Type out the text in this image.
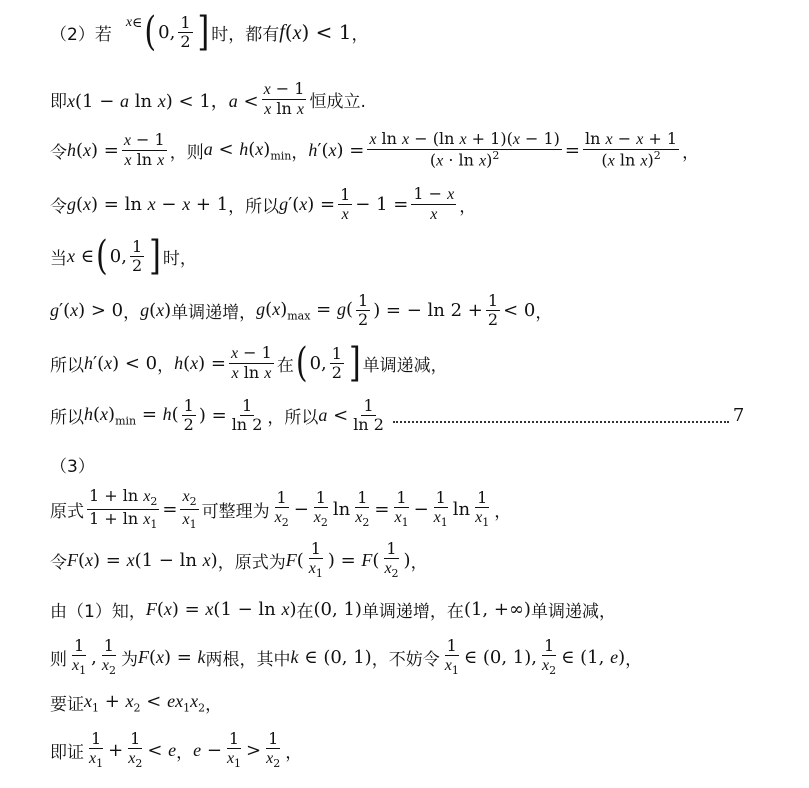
（2）若
x ∈ ( 0, $\frac{1}{2}$ ] 时，都有 f (x) < 1 ，
即 x(1 − a ln x) < 1，$a < \frac{x - 1}{\text{x ln x}}$ 恒成立.
令 $h(x) = \frac{x - 1}{\text{x ln x}}$ ，则 $a < h(x)_{min}$ ， $h'(x) = \frac{\text{x ln x − (ln x + 1)(x − 1)}}{(x \cdot \ln x)^2} = \frac{\text{ln x − x + 1}}{(x \ln x)^2}$ ，
令 g(x) = ln x − x + 1 ，所以 $g'(x) = \frac{1}{x} - 1 = \frac{1 - x}{x}$ ，
当 x ∈ ( 0, $\frac{1}{2}$ ] 时，
g′(x) > 0 ， g(x) 单调递增， $g(x)_{max} = g( \frac{1}{2}$ ) = − $\ln 2 + \frac{1}{2} < 0$ ，
所以 h′(x) < 0 ， $h(x) = \frac{x - 1}{\text{x ln x}}$ 在 ( 0, $\frac{1}{2}$ ] 单调递减，
所以 $h(x)_{min} = h( \frac{1}{2}$ ) = $\frac{1}{\ln 2}$ ，所以 $a < \frac{1}{\ln 2}$	7
（3）
原式 $\frac{1 + \ln x_2}{1 + \ln x_1} = \frac{x_2}{x_1}$ 可整理为 $\frac{1}{x_2} - \frac{1}{x_2}$ $\ln \frac{1}{x_2} = \frac{1}{x_1} - \frac{1}{x_1}$ $\ln \frac{1}{x_1}$ ，
令 F(x) = x(1 − ln x) ，原式为 $F( \frac{1}{x_1}$ ) = $F( \frac{1}{x_2}$ ) ，
由（1）知， F(x) = x(1 − ln x) 在 (0, 1) 单调递增，在 (1, +∞) 单调递减，
则 $\frac{1}{x_1}$ , $\frac{1}{x_2}$ 为 F(x) = k 两根，其中 k ∈ (0, 1) ，不妨令 $\frac{1}{x_1}$ ∈ (0, 1), $\frac{1}{x_2}$ ∈ (1, e) ，
要证 $x_1 + x_2 < ex_1x_2$ ，
即证 $\frac{1}{x_1} + \frac{1}{x_2} < e$ ， $e - \frac{1}{x_1} > \frac{1}{x_2}$ ，
